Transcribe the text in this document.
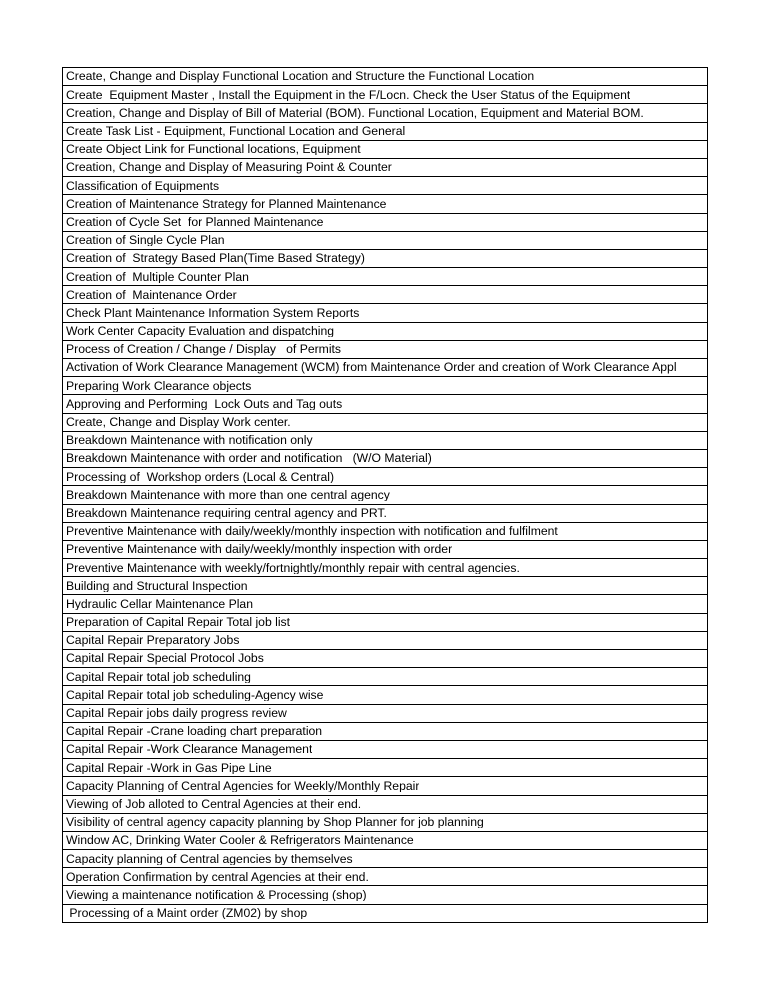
Create, Change and Display Functional Location and Structure the Functional Location
Create  Equipment Master , Install the Equipment in the F/Locn. Check the User Status of the Equipment
Creation, Change and Display of Bill of Material (BOM). Functional Location, Equipment and Material BOM.
Create Task List - Equipment, Functional Location and General
Create Object Link for Functional locations, Equipment
Creation, Change and Display of Measuring Point & Counter
Classification of Equipments
Creation of Maintenance Strategy for Planned Maintenance
Creation of Cycle Set  for Planned Maintenance
Creation of Single Cycle Plan
Creation of  Strategy Based Plan(Time Based Strategy)
Creation of  Multiple Counter Plan
Creation of  Maintenance Order
Check Plant Maintenance Information System Reports
Work Center Capacity Evaluation and dispatching
Process of Creation / Change / Display   of Permits
Activation of Work Clearance Management (WCM) from Maintenance Order and creation of Work Clearance Appl
Preparing Work Clearance objects
Approving and Performing  Lock Outs and Tag outs
Create, Change and Display Work center.
Breakdown Maintenance with notification only
Breakdown Maintenance with order and notification   (W/O Material)
Processing of  Workshop orders (Local & Central)
Breakdown Maintenance with more than one central agency
Breakdown Maintenance requiring central agency and PRT.
Preventive Maintenance with daily/weekly/monthly inspection with notification and fulfilment
Preventive Maintenance with daily/weekly/monthly inspection with order
Preventive Maintenance with weekly/fortnightly/monthly repair with central agencies.
Building and Structural Inspection
Hydraulic Cellar Maintenance Plan
Preparation of Capital Repair Total job list
Capital Repair Preparatory Jobs
Capital Repair Special Protocol Jobs
Capital Repair total job scheduling
Capital Repair total job scheduling-Agency wise
Capital Repair jobs daily progress review
Capital Repair -Crane loading chart preparation
Capital Repair -Work Clearance Management
Capital Repair -Work in Gas Pipe Line
Capacity Planning of Central Agencies for Weekly/Monthly Repair
Viewing of Job alloted to Central Agencies at their end.
Visibility of central agency capacity planning by Shop Planner for job planning
Window AC, Drinking Water Cooler & Refrigerators Maintenance
Capacity planning of Central agencies by themselves
Operation Confirmation by central Agencies at their end.
Viewing a maintenance notification & Processing (shop)
Processing of a Maint order (ZM02) by shop
